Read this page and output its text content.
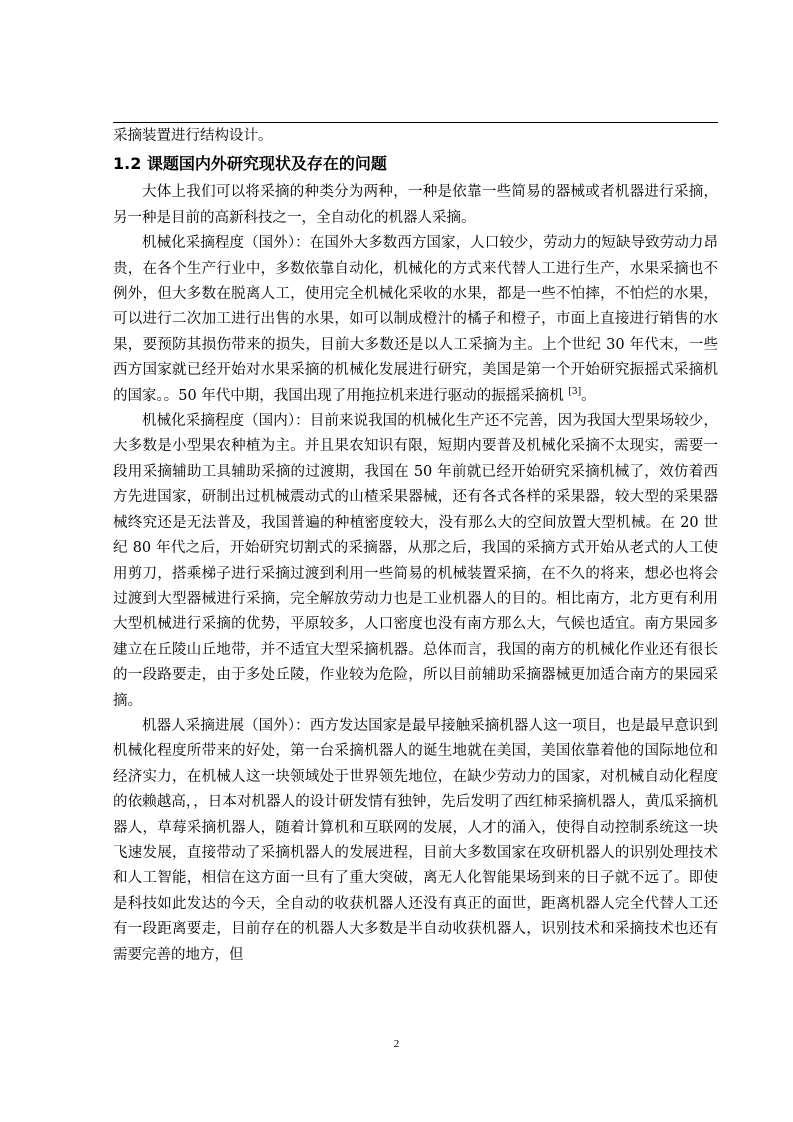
采摘装置进行结构设计。

1.2 课题国内外研究现状及存在的问题

大体上我们可以将采摘的种类分为两种，一种是依靠一些简易的器械或者机器进行采摘，另一种是目前的高新科技之一，全自动化的机器人采摘。

机械化采摘程度（国外）：在国外大多数西方国家，人口较少，劳动力的短缺导致劳动力昂贵，在各个生产行业中，多数依靠自动化，机械化的方式来代替人工进行生产，水果采摘也不例外，但大多数在脱离人工，使用完全机械化采收的水果，都是一些不怕摔，不怕烂的水果，可以进行二次加工进行出售的水果，如可以制成橙汁的橘子和橙子，市面上直接进行销售的水果，要预防其损伤带来的损失，目前大多数还是以人工采摘为主。上个世纪 30 年代末，一些西方国家就已经开始对水果采摘的机械化发展进行研究，美国是第一个开始研究振摇式采摘机的国家。。50 年代中期，我国出现了用拖拉机来进行驱动的振摇采摘机 [3]。

机械化采摘程度（国内）：目前来说我国的机械化生产还不完善，因为我国大型果场较少，大多数是小型果农种植为主。并且果农知识有限，短期内要普及机械化采摘不太现实，需要一段用采摘辅助工具辅助采摘的过渡期，我国在 50 年前就已经开始研究采摘机械了，效仿着西方先进国家，研制出过机械震动式的山楂采果器械，还有各式各样的采果器，较大型的采果器械终究还是无法普及，我国普遍的种植密度较大，没有那么大的空间放置大型机械。在 20 世纪 80 年代之后，开始研究切割式的采摘器，从那之后，我国的采摘方式开始从老式的人工使用剪刀，搭乘梯子进行采摘过渡到利用一些简易的机械装置采摘，在不久的将来，想必也将会过渡到大型器械进行采摘，完全解放劳动力也是工业机器人的目的。相比南方，北方更有利用大型机械进行采摘的优势，平原较多，人口密度也没有南方那么大，气候也适宜。南方果园多建立在丘陵山丘地带，并不适宜大型采摘机器。总体而言，我国的南方的机械化作业还有很长的一段路要走，由于多处丘陵，作业较为危险，所以目前辅助采摘器械更加适合南方的果园采摘。

机器人采摘进展（国外）：西方发达国家是最早接触采摘机器人这一项目，也是最早意识到机械化程度所带来的好处，第一台采摘机器人的诞生地就在美国，美国依靠着他的国际地位和经济实力，在机械人这一块领域处于世界领先地位，在缺少劳动力的国家，对机械自动化程度的依赖越高，，日本对机器人的设计研发情有独钟，先后发明了西红柿采摘机器人，黄瓜采摘机器人，草莓采摘机器人，随着计算机和互联网的发展，人才的涌入，使得自动控制系统这一块飞速发展，直接带动了采摘机器人的发展进程，目前大多数国家在攻研机器人的识别处理技术和人工智能，相信在这方面一旦有了重大突破，离无人化智能果场到来的日子就不远了。即使是科技如此发达的今天，全自动的收获机器人还没有真正的面世，距离机器人完全代替人工还有一段距离要走，目前存在的机器人大多数是半自动收获机器人，识别技术和采摘技术也还有需要完善的地方，但

2
